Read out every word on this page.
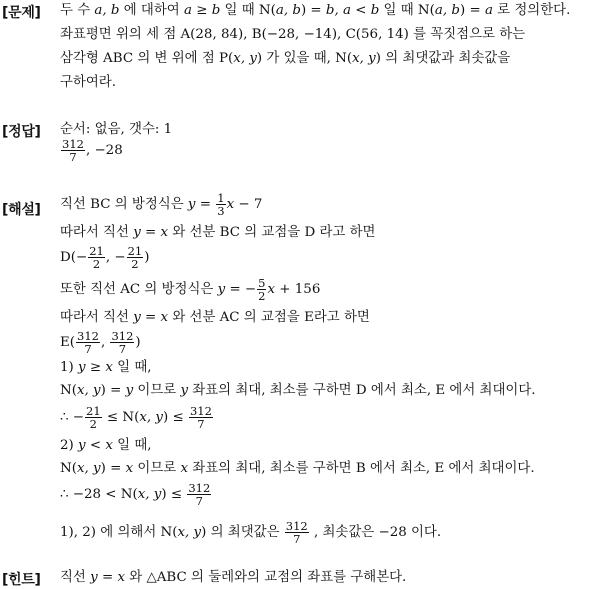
[문제] 두 수 a, b 에 대하여 a ≥ b 일 때 N(a, b) = b, a < b 일 때 N(a, b) = a 로 정의한다.
좌표평면 위의 세 점 A(28, 84), B(−28, −14), C(56, 14) 를 꼭짓점으로 하는
삼각형 ABC 의 변 위에 점 P(x, y) 가 있을 때, N(x, y) 의 최댓값과 최솟값을
구하여라.
[정답] 순서: 없음, 갯수: 1
$\frac{312}{7}$ , −28
[해설] 직선 BC 의 방정식은 $y = \frac{1}{3}$ x − 7
따라서 직선 y = x 와 선분 BC 의 교점을 D 라고 하면
$D(- \frac{21}{2}$ , − $\frac{21}{2}$ )
또한 직선 AC 의 방정식은 y = − $\frac{5}{2}$ x + 156
따라서 직선 y = x 와 선분 AC 의 교점을 E라고 하면
$E( \frac{312}{7}$ , $\frac{312}{7}$ )
1) y ≥ x 일 때,
N(x, y) = y 이므로 y 좌표의 최대, 최소를 구하면 D 에서 최소, E 에서 최대이다.
∴ − $\frac{21}{2} \le N(x$, $y) \le \frac{312}{7}$
2) y < x 일 때,
N(x, y) = x 이므로 x 좌표의 최대, 최소를 구하면 B 에서 최소, E 에서 최대이다.
∴ −28 < N(x, $y) \le \frac{312}{7}$
1), 2) 에 의해서 N(x, y) 의 최댓값은 $\frac{312}{7}$ , 최솟값은 −28 이다.
[힌트] 직선 y = x 와 △ABC 의 둘레와의 교점의 좌표를 구해본다.
